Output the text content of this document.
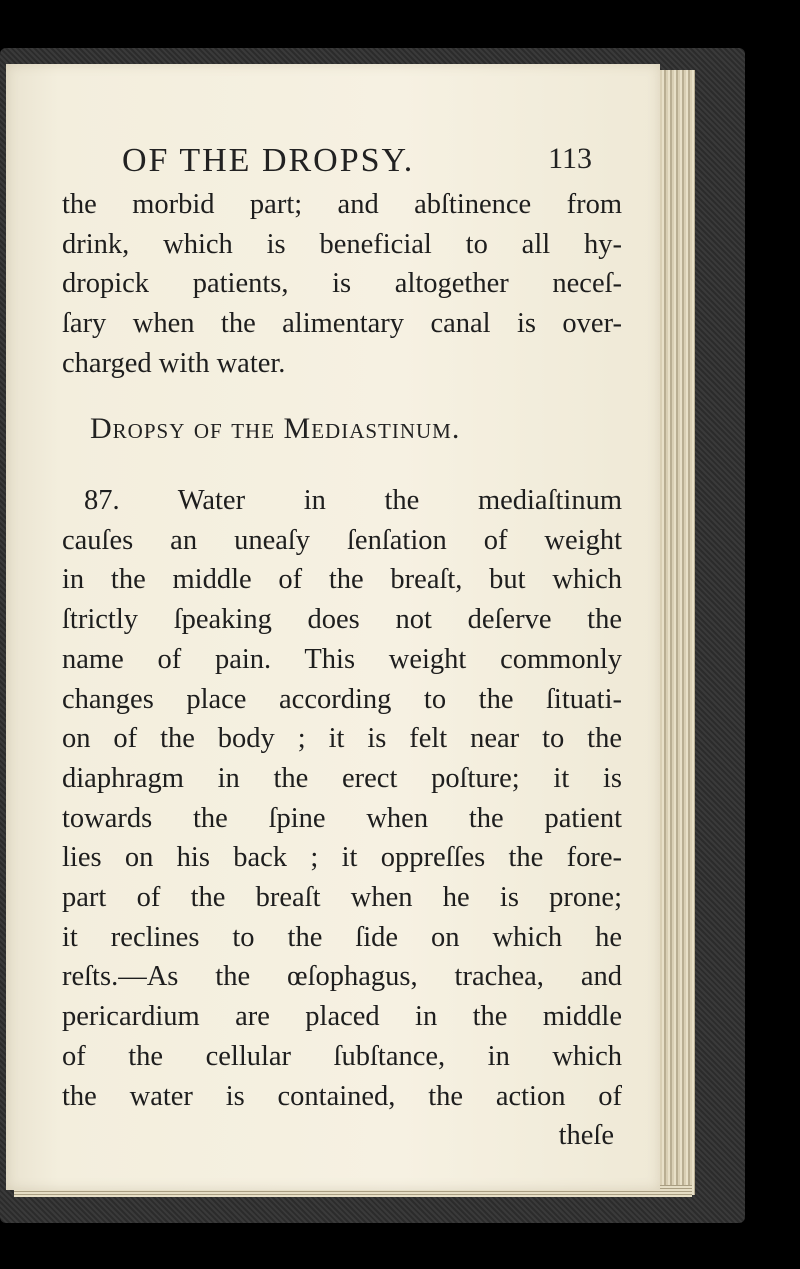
OF THE DROPSY.	113
the morbid part; and abſtinence from
drink, which is beneficial to all hy-
dropick patients, is altogether neceſ-
ſary when the alimentary canal is over-
charged with water.
Dropsy of the Mediastinum.
87. Water in the mediaſtinum
cauſes an uneaſy ſenſation of weight
in the middle of the breaſt, but which
ſtrictly ſpeaking does not deſerve the
name of pain. This weight commonly
changes place according to the ſituati-
on of the body ; it is felt near to the
diaphragm in the erect poſture; it is
towards the ſpine when the patient
lies on his back ; it oppreſſes the fore-
part of the breaſt when he is prone;
it reclines to the ſide on which he
reſts.—As the œſophagus, trachea, and
pericardium are placed in the middle
of the cellular ſubſtance, in which
the water is contained, the action of
theſe
